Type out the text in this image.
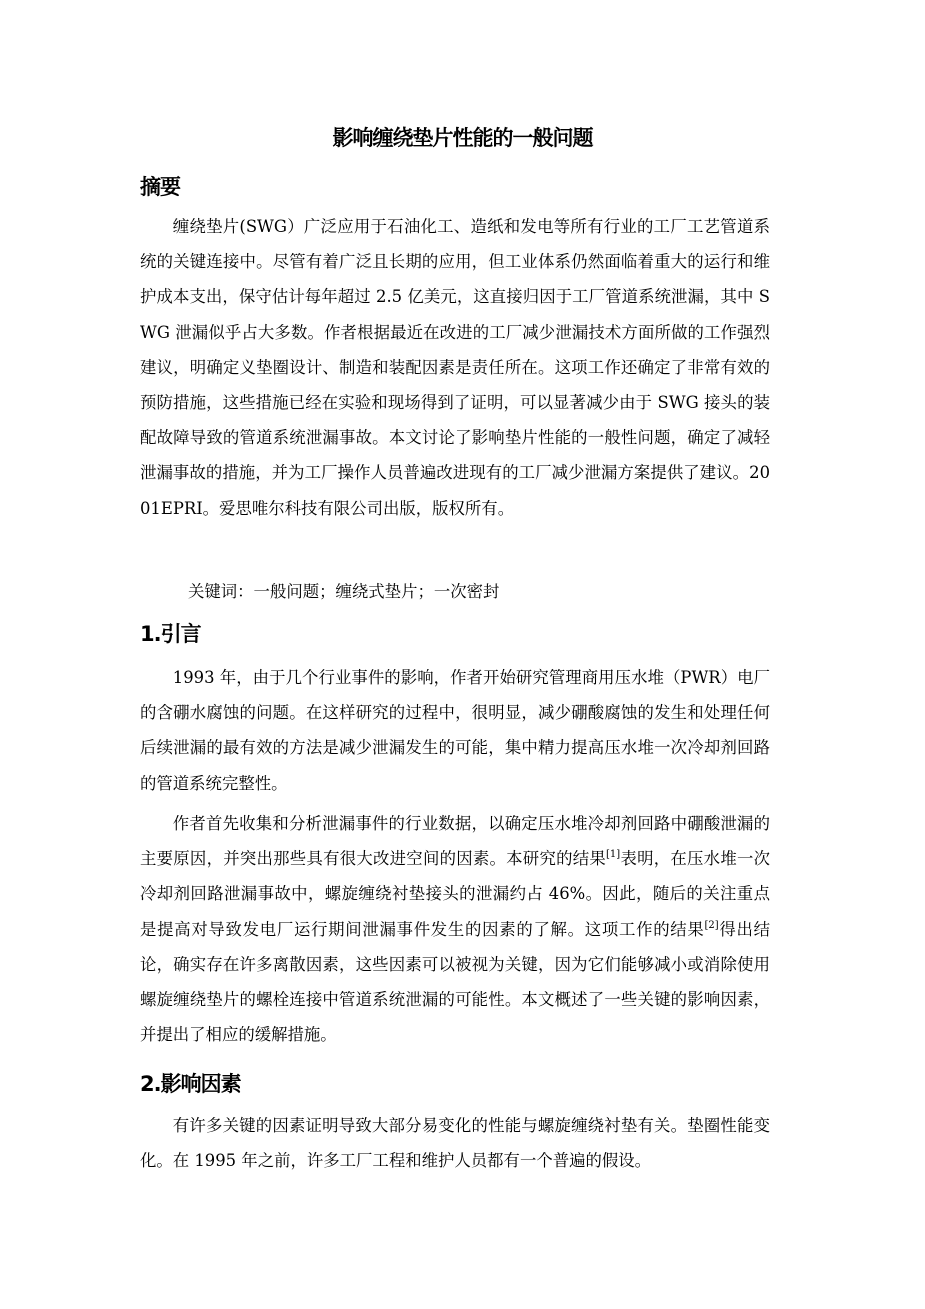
影响缠绕垫片性能的一般问题
摘要

缠绕垫片(SWG）广泛应用于石油化工、造纸和发电等所有行业的工厂工艺管道系统的关键连接中。尽管有着广泛且长期的应用，但工业体系仍然面临着重大的运行和维护成本支出，保守估计每年超过 2.5 亿美元，这直接归因于工厂管道系统泄漏，其中 SWG 泄漏似乎占大多数。作者根据最近在改进的工厂减少泄漏技术方面所做的工作强烈建议，明确定义垫圈设计、制造和装配因素是责任所在。这项工作还确定了非常有效的预防措施，这些措施已经在实验和现场得到了证明，可以显著减少由于 SWG 接头的装配故障导致的管道系统泄漏事故。本文讨论了影响垫片性能的一般性问题，确定了减轻泄漏事故的措施，并为工厂操作人员普遍改进现有的工厂减少泄漏方案提供了建议。2001EPRI。爱思唯尔科技有限公司出版，版权所有。

关键词：一般问题；缠绕式垫片；一次密封
1.引言

1993 年，由于几个行业事件的影响，作者开始研究管理商用压水堆（PWR）电厂的含硼水腐蚀的问题。在这样研究的过程中，很明显，减少硼酸腐蚀的发生和处理任何后续泄漏的最有效的方法是减少泄漏发生的可能，集中精力提高压水堆一次冷却剂回路的管道系统完整性。

作者首先收集和分析泄漏事件的行业数据，以确定压水堆冷却剂回路中硼酸泄漏的主要原因，并突出那些具有很大改进空间的因素。本研究的结果[1]表明，在压水堆一次冷却剂回路泄漏事故中，螺旋缠绕衬垫接头的泄漏约占 46%。因此，随后的关注重点是提高对导致发电厂运行期间泄漏事件发生的因素的了解。这项工作的结果[2]得出结论，确实存在许多离散因素，这些因素可以被视为关键，因为它们能够减小或消除使用螺旋缠绕垫片的螺栓连接中管道系统泄漏的可能性。本文概述了一些关键的影响因素，并提出了相应的缓解措施。

2.影响因素

有许多关键的因素证明导致大部分易变化的性能与螺旋缠绕衬垫有关。垫圈性能变化。在 1995 年之前，许多工厂工程和维护人员都有一个普遍的假设。
